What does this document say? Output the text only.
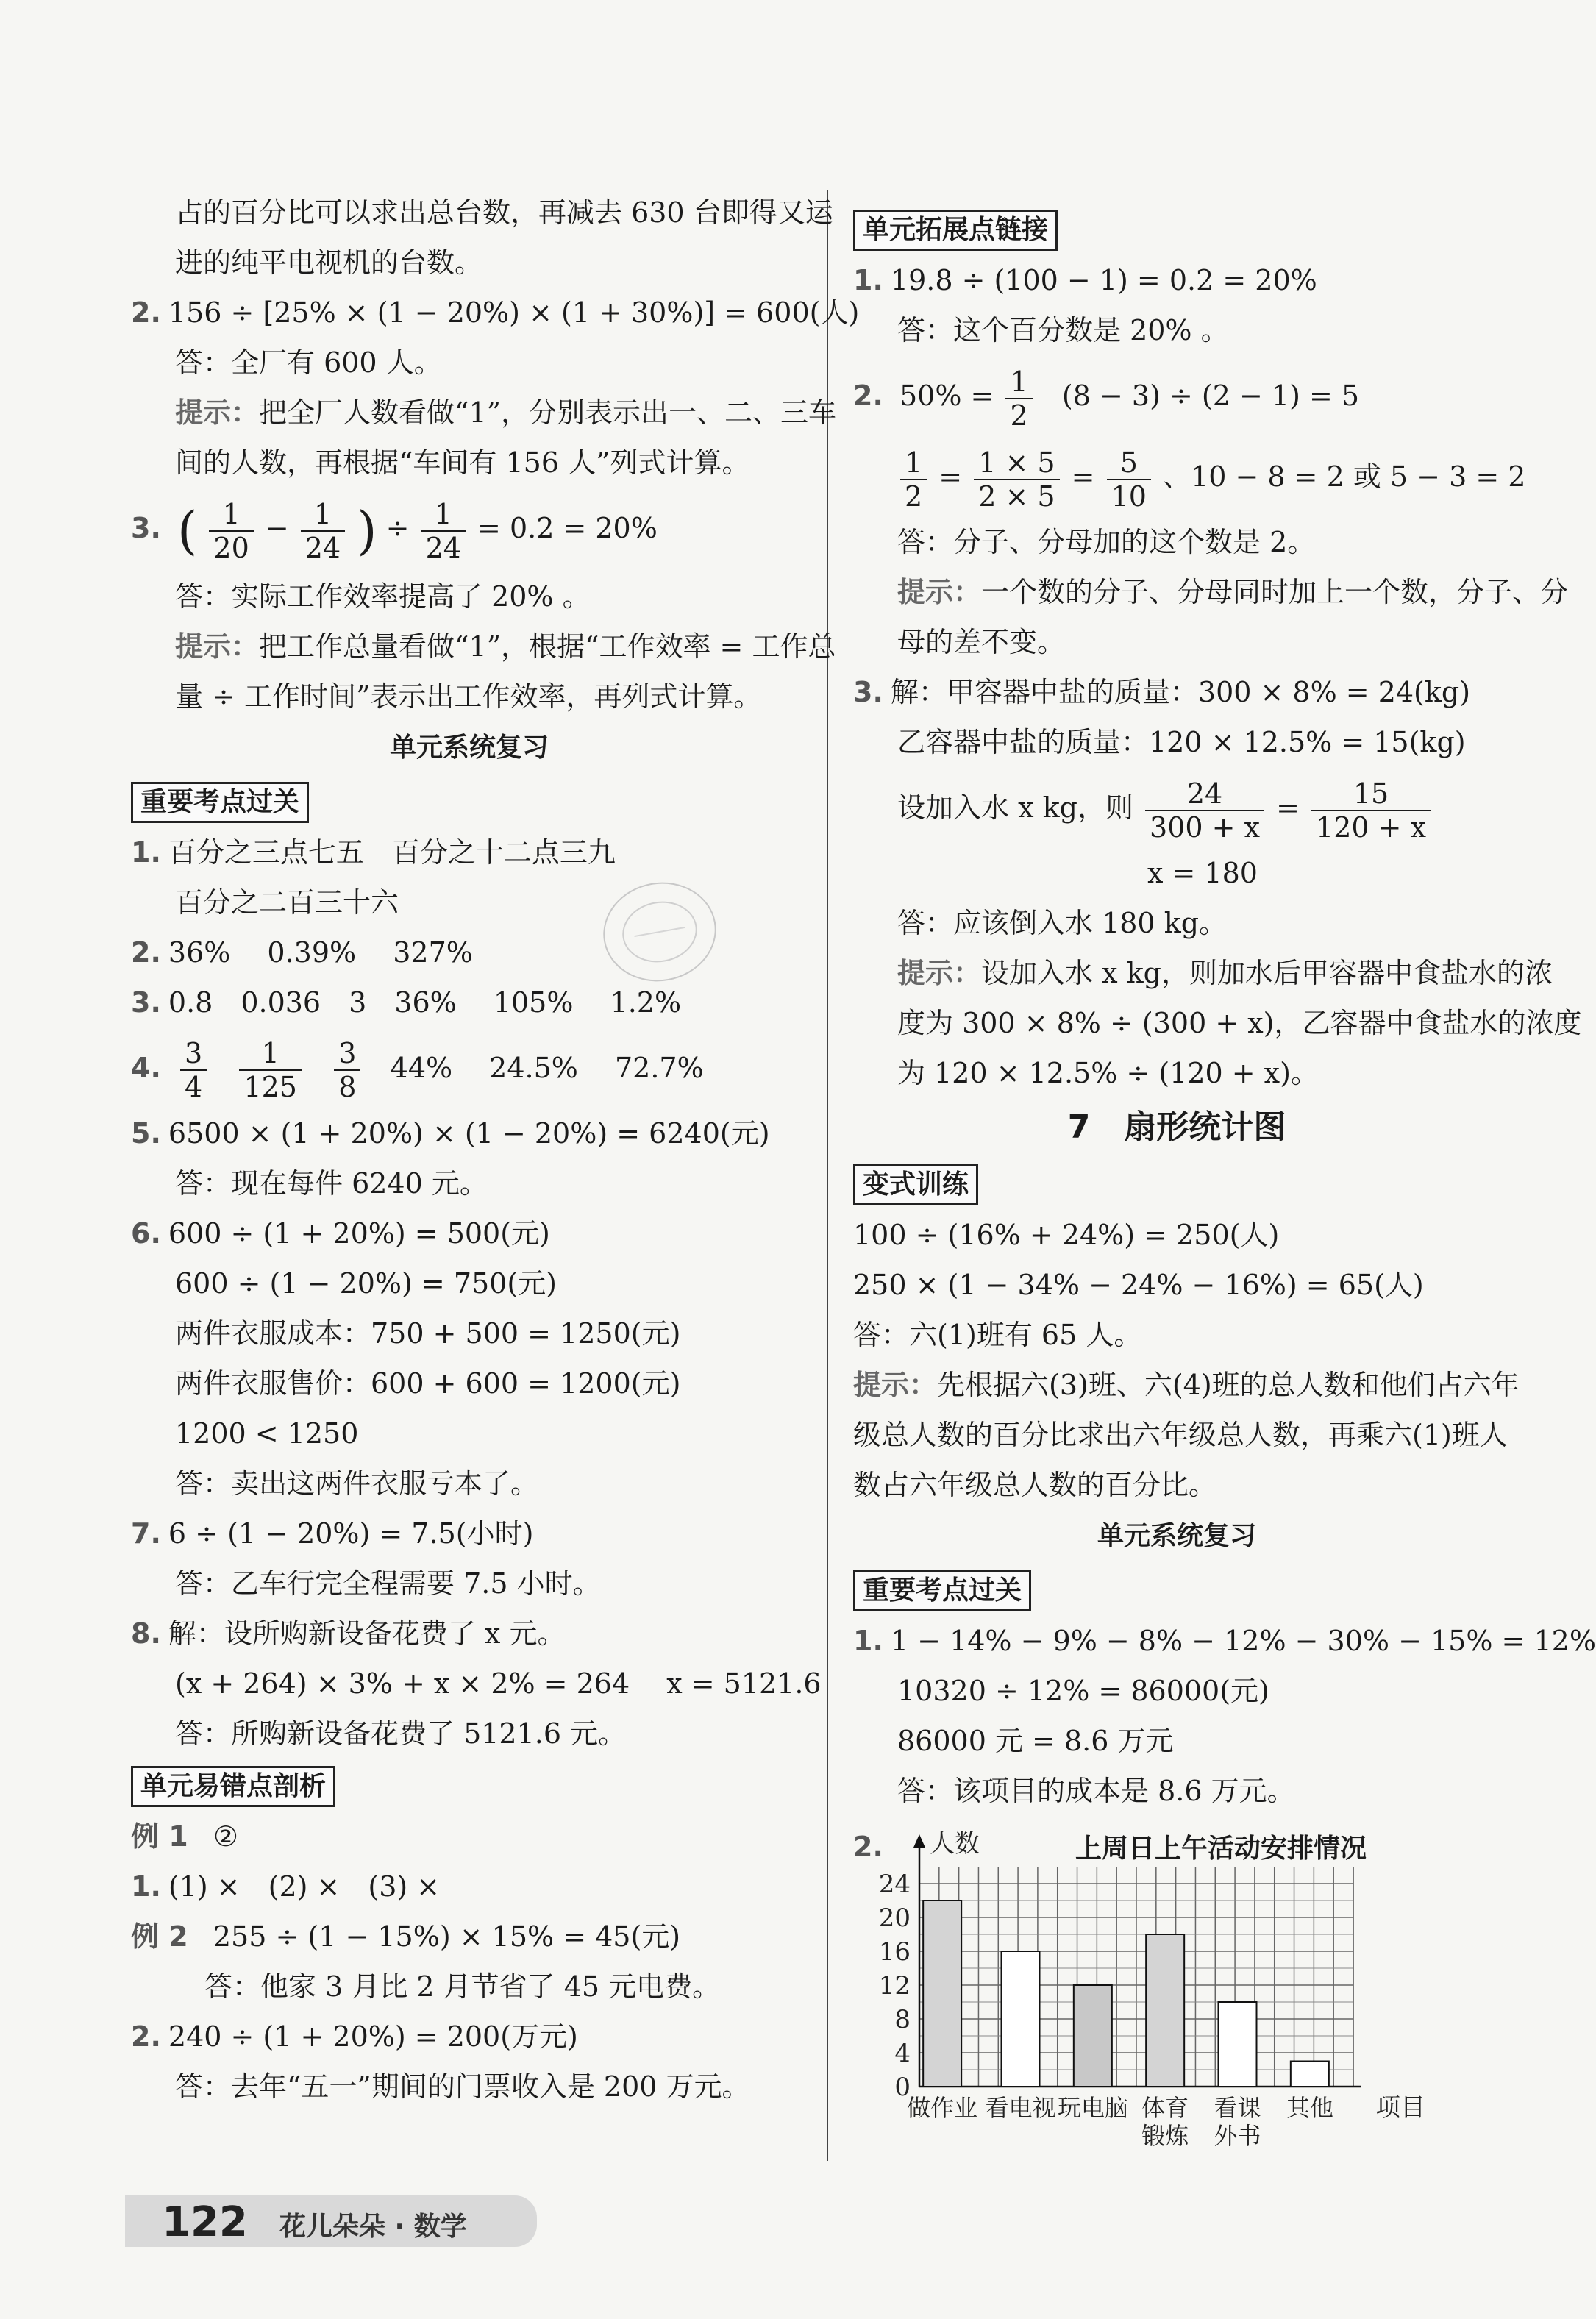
占的百分比可以求出总台数，再减去 630 台即得又运
进的纯平电视机的台数。
2. 156 ÷ [25% × (1 − 20%) × (1 + 30%)] = 600(人)
答：全厂有 600 人。
提示：把全厂人数看做“1”，分别表示出一、二、三车
间的人数，再根据“车间有 156 人”列式计算。
3. ( $\frac{1}{20} - \frac{1}{24}$ ) ÷ $\frac{1}{24} = 0.2 = 20\%$
答：实际工作效率提高了 20% 。
提示：把工作总量看做“1”，根据“工作效率 = 工作总
量 ÷ 工作时间”表示出工作效率，再列式计算。
单元系统复习
重要考点过关
1. 百分之三点七五　百分之十二点三九
百分之二百三十六
2. 36%　 0.39%　 327%
3. 0.8　0.036　3　36%　 105%　 1.2%
4. $\frac{3}{4}$
$\frac{1}{125}$
$\frac{3}{8} 44\%$　 24.5%　 72.7%
5. 6500 × (1 + 20%) × (1 − 20%) = 6240(元)
答：现在每件 6240 元。
6. 600 ÷ (1 + 20%) = 500(元)
600 ÷ (1 − 20%) = 750(元)
两件衣服成本：750 + 500 = 1250(元)
两件衣服售价：600 + 600 = 1200(元)
1200 < 1250
答：卖出这两件衣服亏本了。
7. 6 ÷ (1 − 20%) = 7.5(小时)
答：乙车行完全程需要 7.5 小时。
8. 解：设所购新设备花费了 x 元。
(x + 264) × 3% + x × 2% = 264　 x = 5121.6
答：所购新设备花费了 5121.6 元。
单元易错点剖析
例 1 ②
1. (1) ×　(2) ×　(3) ×
例 2 255 ÷ (1 − 15%) × 15% = 45(元)
答：他家 3 月比 2 月节省了 45 元电费。
2. 240 ÷ (1 + 20%) = 200(万元)
答：去年“五一”期间的门票收入是 200 万元。
单元拓展点链接
1. 19.8 ÷ (100 − 1) = 0.2 = 20%
答：这个百分数是 20% 。
2. $50\% = \frac{1}{2} (8 - 3) \div (2 - 1) = 5$
$\frac{1}{2} = \frac{1 \times 5}{2 \times 5} = \frac{5}{10}$ 、10 − 8 = 2 或 5 − 3 = 2
答：分子、分母加的这个数是 2。
提示：一个数的分子、分母同时加上一个数，分子、分
母的差不变。
3. 解：甲容器中盐的质量：300 × 8% = 24(kg)
乙容器中盐的质量：120 × 12.5% = 15(kg)
设加入水 x kg，则 $\frac{24}{300 + x} = \frac{15}{120 + x}$
x = 180
答：应该倒入水 180 kg。
提示：设加入水 x kg，则加水后甲容器中食盐水的浓
度为 300 × 8% ÷ (300 + x)，乙容器中食盐水的浓度
为 120 × 12.5% ÷ (120 + x)。
7 扇形统计图
变式训练
100 ÷ (16% + 24%) = 250(人)
250 × (1 − 34% − 24% − 16%) = 65(人)
答：六(1)班有 65 人。
提示：先根据六(3)班、六(4)班的总人数和他们占六年
级总人数的百分比求出六年级总人数，再乘六(1)班人
数占六年级总人数的百分比。
单元系统复习
重要考点过关
1. 1 − 14% − 9% − 8% − 12% − 30% − 15% = 12%
10320 ÷ 12% = 86000(元)
86000 元 = 8.6 万元
答：该项目的成本是 8.6 万元。
2.	上周日上午活动安排情况
0
4
8
12
16
20
24
人数
项目
做作业 看电视 玩电脑 体育
锻炼
看课
外书
其他
122 花儿朵朵 · 数学
